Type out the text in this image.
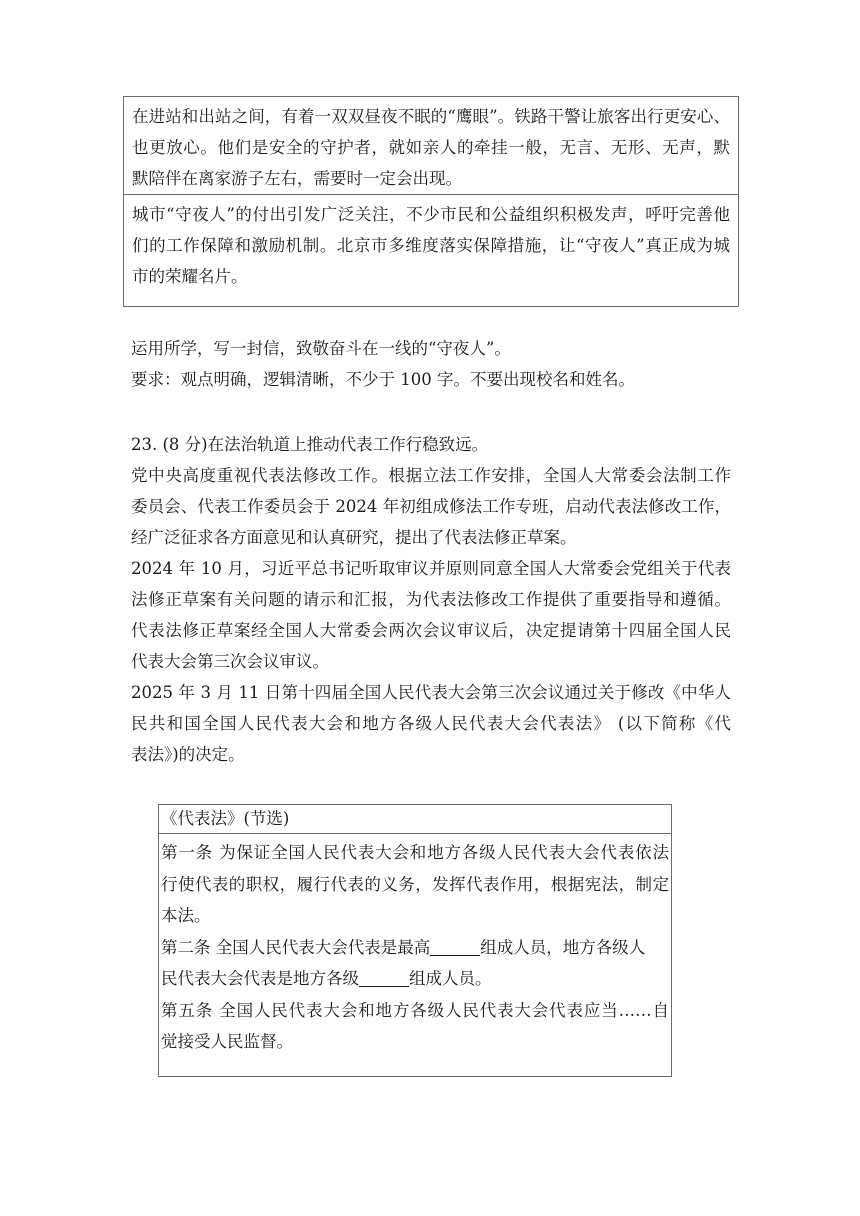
在进站和出站之间，有着一双双昼夜不眠的“鹰眼”。铁路干警让旅客出行更安心、
也更放心。他们是安全的守护者，就如亲人的牵挂一般，无言、无形、无声，默
默陪伴在离家游子左右，需要时一定会出现。
城市“守夜人”的付出引发广泛关注，不少市民和公益组织积极发声，呼吁完善他
们的工作保障和激励机制。北京市多维度落实保障措施，让“守夜人”真正成为城
市的荣耀名片。
运用所学，写一封信，致敬奋斗在一线的“守夜人”。
要求：观点明确，逻辑清晰，不少于 100 字。不要出现校名和姓名。
23. (8 分)在法治轨道上推动代表工作行稳致远。
党中央高度重视代表法修改工作。根据立法工作安排，全国人大常委会法制工作
委员会、代表工作委员会于 2024 年初组成修法工作专班，启动代表法修改工作，
经广泛征求各方面意见和认真研究，提出了代表法修正草案。
2024 年 10 月，习近平总书记听取审议并原则同意全国人大常委会党组关于代表
法修正草案有关问题的请示和汇报，为代表法修改工作提供了重要指导和遵循。
代表法修正草案经全国人大常委会两次会议审议后，决定提请第十四届全国人民
代表大会第三次会议审议。
2025 年 3 月 11 日第十四届全国人民代表大会第三次会议通过关于修改《中华人
民共和国全国人民代表大会和地方各级人民代表大会代表法》 (以下简称《代
表法》)的决定。
《代表法》(节选)
第一条 为保证全国人民代表大会和地方各级人民代表大会代表依法
行使代表的职权，履行代表的义务，发挥代表作用，根据宪法，制定
本法。
第二条 全国人民代表大会代表是最高	组成人员，地方各级人
民代表大会代表是地方各级	组成人员。
第五条 全国人民代表大会和地方各级人民代表大会代表应当……自
觉接受人民监督。
